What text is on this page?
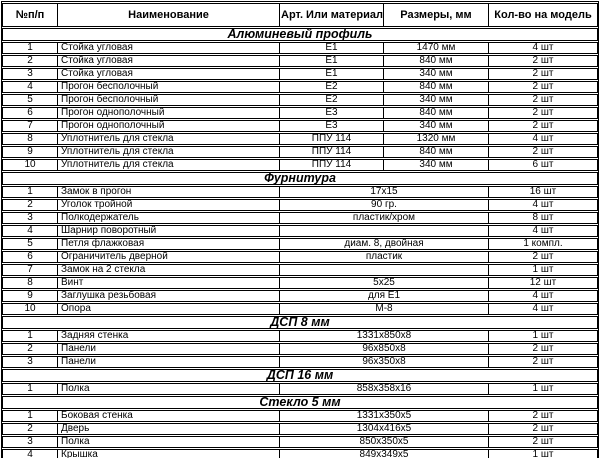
№п/п	Наименование	Арт. Или материал	Размеры, мм	Кол-во на модель
Алюминевый профиль				
1	Стойка угловая	Е1	1470 мм	4 шт
2	Стойка угловая	Е1	840 мм	2 шт
3	Стойка угловая	Е1	340 мм	2 шт
4	Прогон бесполочный	Е2	840 мм	2 шт
5	Прогон бесполочный	Е2	340 мм	2 шт
6	Прогон однополочный	Е3	840 мм	2 шт
7	Прогон однополочный	Е3	340 мм	2 шт
8	Уплотнитель для стекла	ППУ 114	1320 мм	4 шт
9	Уплотнитель для стекла	ППУ 114	840 мм	2 шт
10	Уплотнитель для стекла	ППУ 114	340 мм	6 шт
Фурнитура				
1	Замок в прогон	17х15		16 шт
2	Уголок тройной	90 гр.		4 шт
3	Полкодержатель	пластик/хром		8 шт
4	Шарнир поворотный			4 шт
5	Петля флажковая	диам. 8, двойная		1 компл.
6	Ограничитель дверной	пластик		2 шт
7	Замок на 2 стекла			1 шт
8	Винт	5х25		12 шт
9	Заглушка резьбовая	для Е1		4 шт
10	Опора	М-8		4 шт
ДСП 8 мм				
1	Задняя стенка	1331х850х8		1 шт
2	Панели	96х850х8		2 шт
3	Панели	96х350х8		2 шт
ДСП 16 мм				
1	Полка	858х358х16		1 шт
Стекло 5 мм				
1	Боковая стенка	1331х350х5		2 шт
2	Дверь	1304х416х5		2 шт
3	Полка	850х350х5		2 шт
4	Крышка	849х349х5		1 шт
